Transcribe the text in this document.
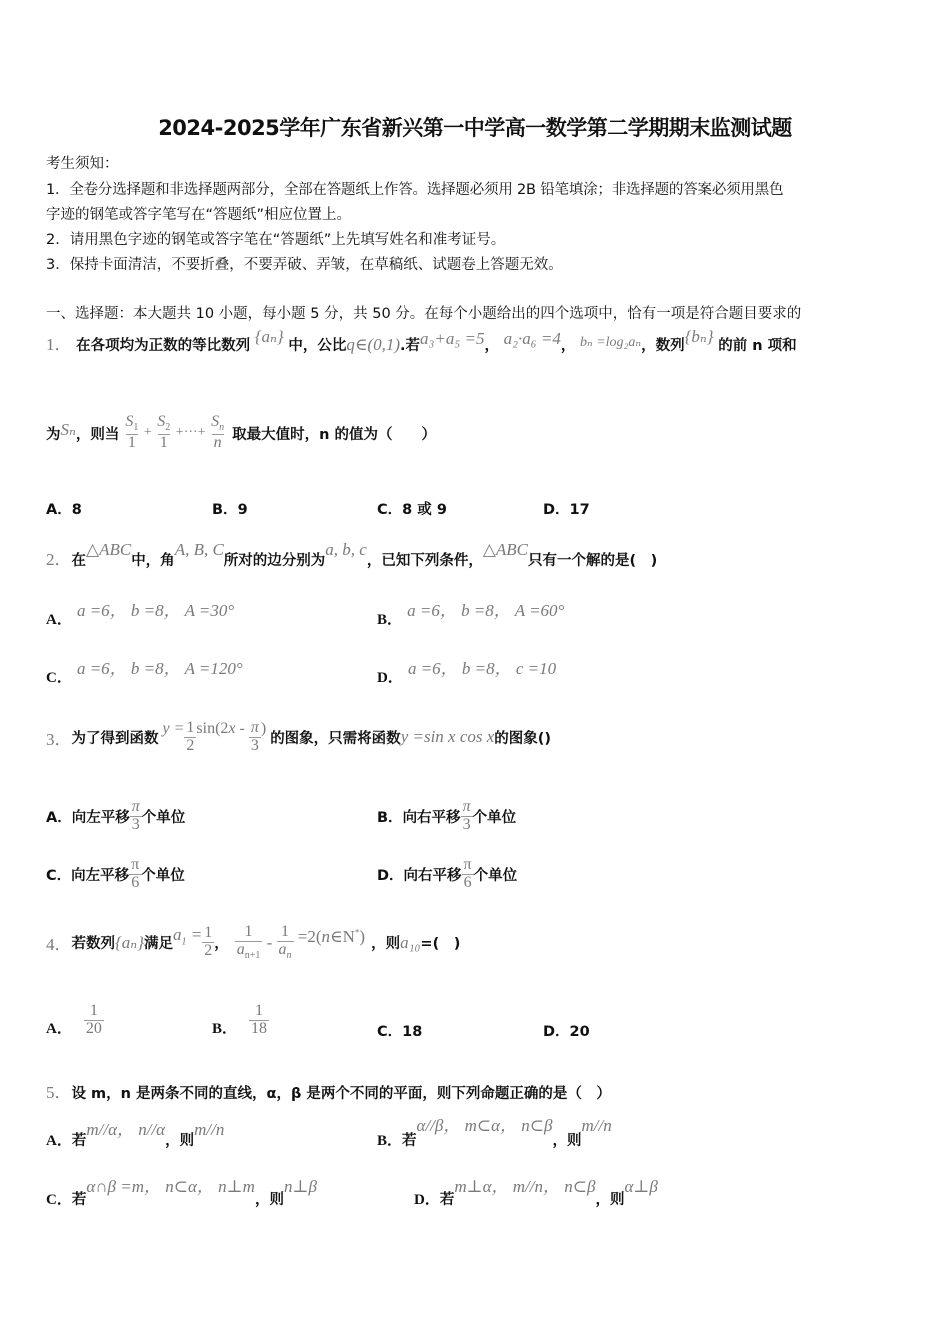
2024-2025学年广东省新兴第一中学高一数学第二学期期末监测试题
考生须知：
1．全卷分选择题和非选择题两部分，全部在答题纸上作答。选择题必须用 2B 铅笔填涂；非选择题的答案必须用黑色
字迹的钢笔或答字笔写在“答题纸”相应位置上。
2．请用黑色字迹的钢笔或答字笔在“答题纸”上先填写姓名和准考证号。
3．保持卡面清洁，不要折叠，不要弄破、弄皱，在草稿纸、试题卷上答题无效。
一、选择题：本大题共 10 小题，每小题 5 分，共 50 分。在每个小题给出的四个选项中，恰有一项是符合题目要求的
1． 在各项均为正数的等比数列 {aₙ} 中，公比q∈(0,1).若a₃+a₅ =5， a₂·a₆ =4， bₙ =log₂aₙ，数列{bₙ} 的前 n 项和
为 Sₙ ，则当 $\frac{S_1}{1} + \frac{S_2}{1}$ +···+ $\frac{S_n}{n}$ 取最大值时，n 的值为（　　）
A．8	B．9	C．8 或 9	D．17
2．在△ABC中，角A, B, C所对的边分别为a, b, c，已知下列条件，△ABC只有一个解的是(　)
A． a =6， b =8， A =30°	B． a =6， b =8， A =60°
C． a =6， b =8， A =120°	D． a =6， b =8， c =10
3． 为了得到函数
$y = \frac{1}{2} \sin(2x - \frac{\pi}{3}$ )
的图象，只需将函数 y =sin x cos x 的图象()
A． 向左平移 $\frac{\pi}{3}$ 个单位	B． 向右平移 $\frac{\pi}{3}$ 个单位
C． 向左平移 $\frac{\pi}{6}$ 个单位	D． 向右平移 $\frac{\pi}{6}$ 个单位
4． 若数列 {aₙ} 满足 $a_1 = \frac{1}{2}$ ， $\frac{1}{a_{n+1}} - \frac{1}{a_n}$ =2(n∈N*) ，则 a₁₀ =(　)
A． $\frac{1}{20}$	B． $\frac{1}{18}$	C．18	D．20
5．设 m，n 是两条不同的直线，α，β 是两个不同的平面，则下列命题正确的是（　）
A．若m//α， n//α，则m//n
B．若α//β， m⊂α， n⊂β，则m//n
C．若α∩β =m， n⊂α， n⊥m，则n⊥β
D．若m⊥α， m//n， n⊂β，则α⊥β
